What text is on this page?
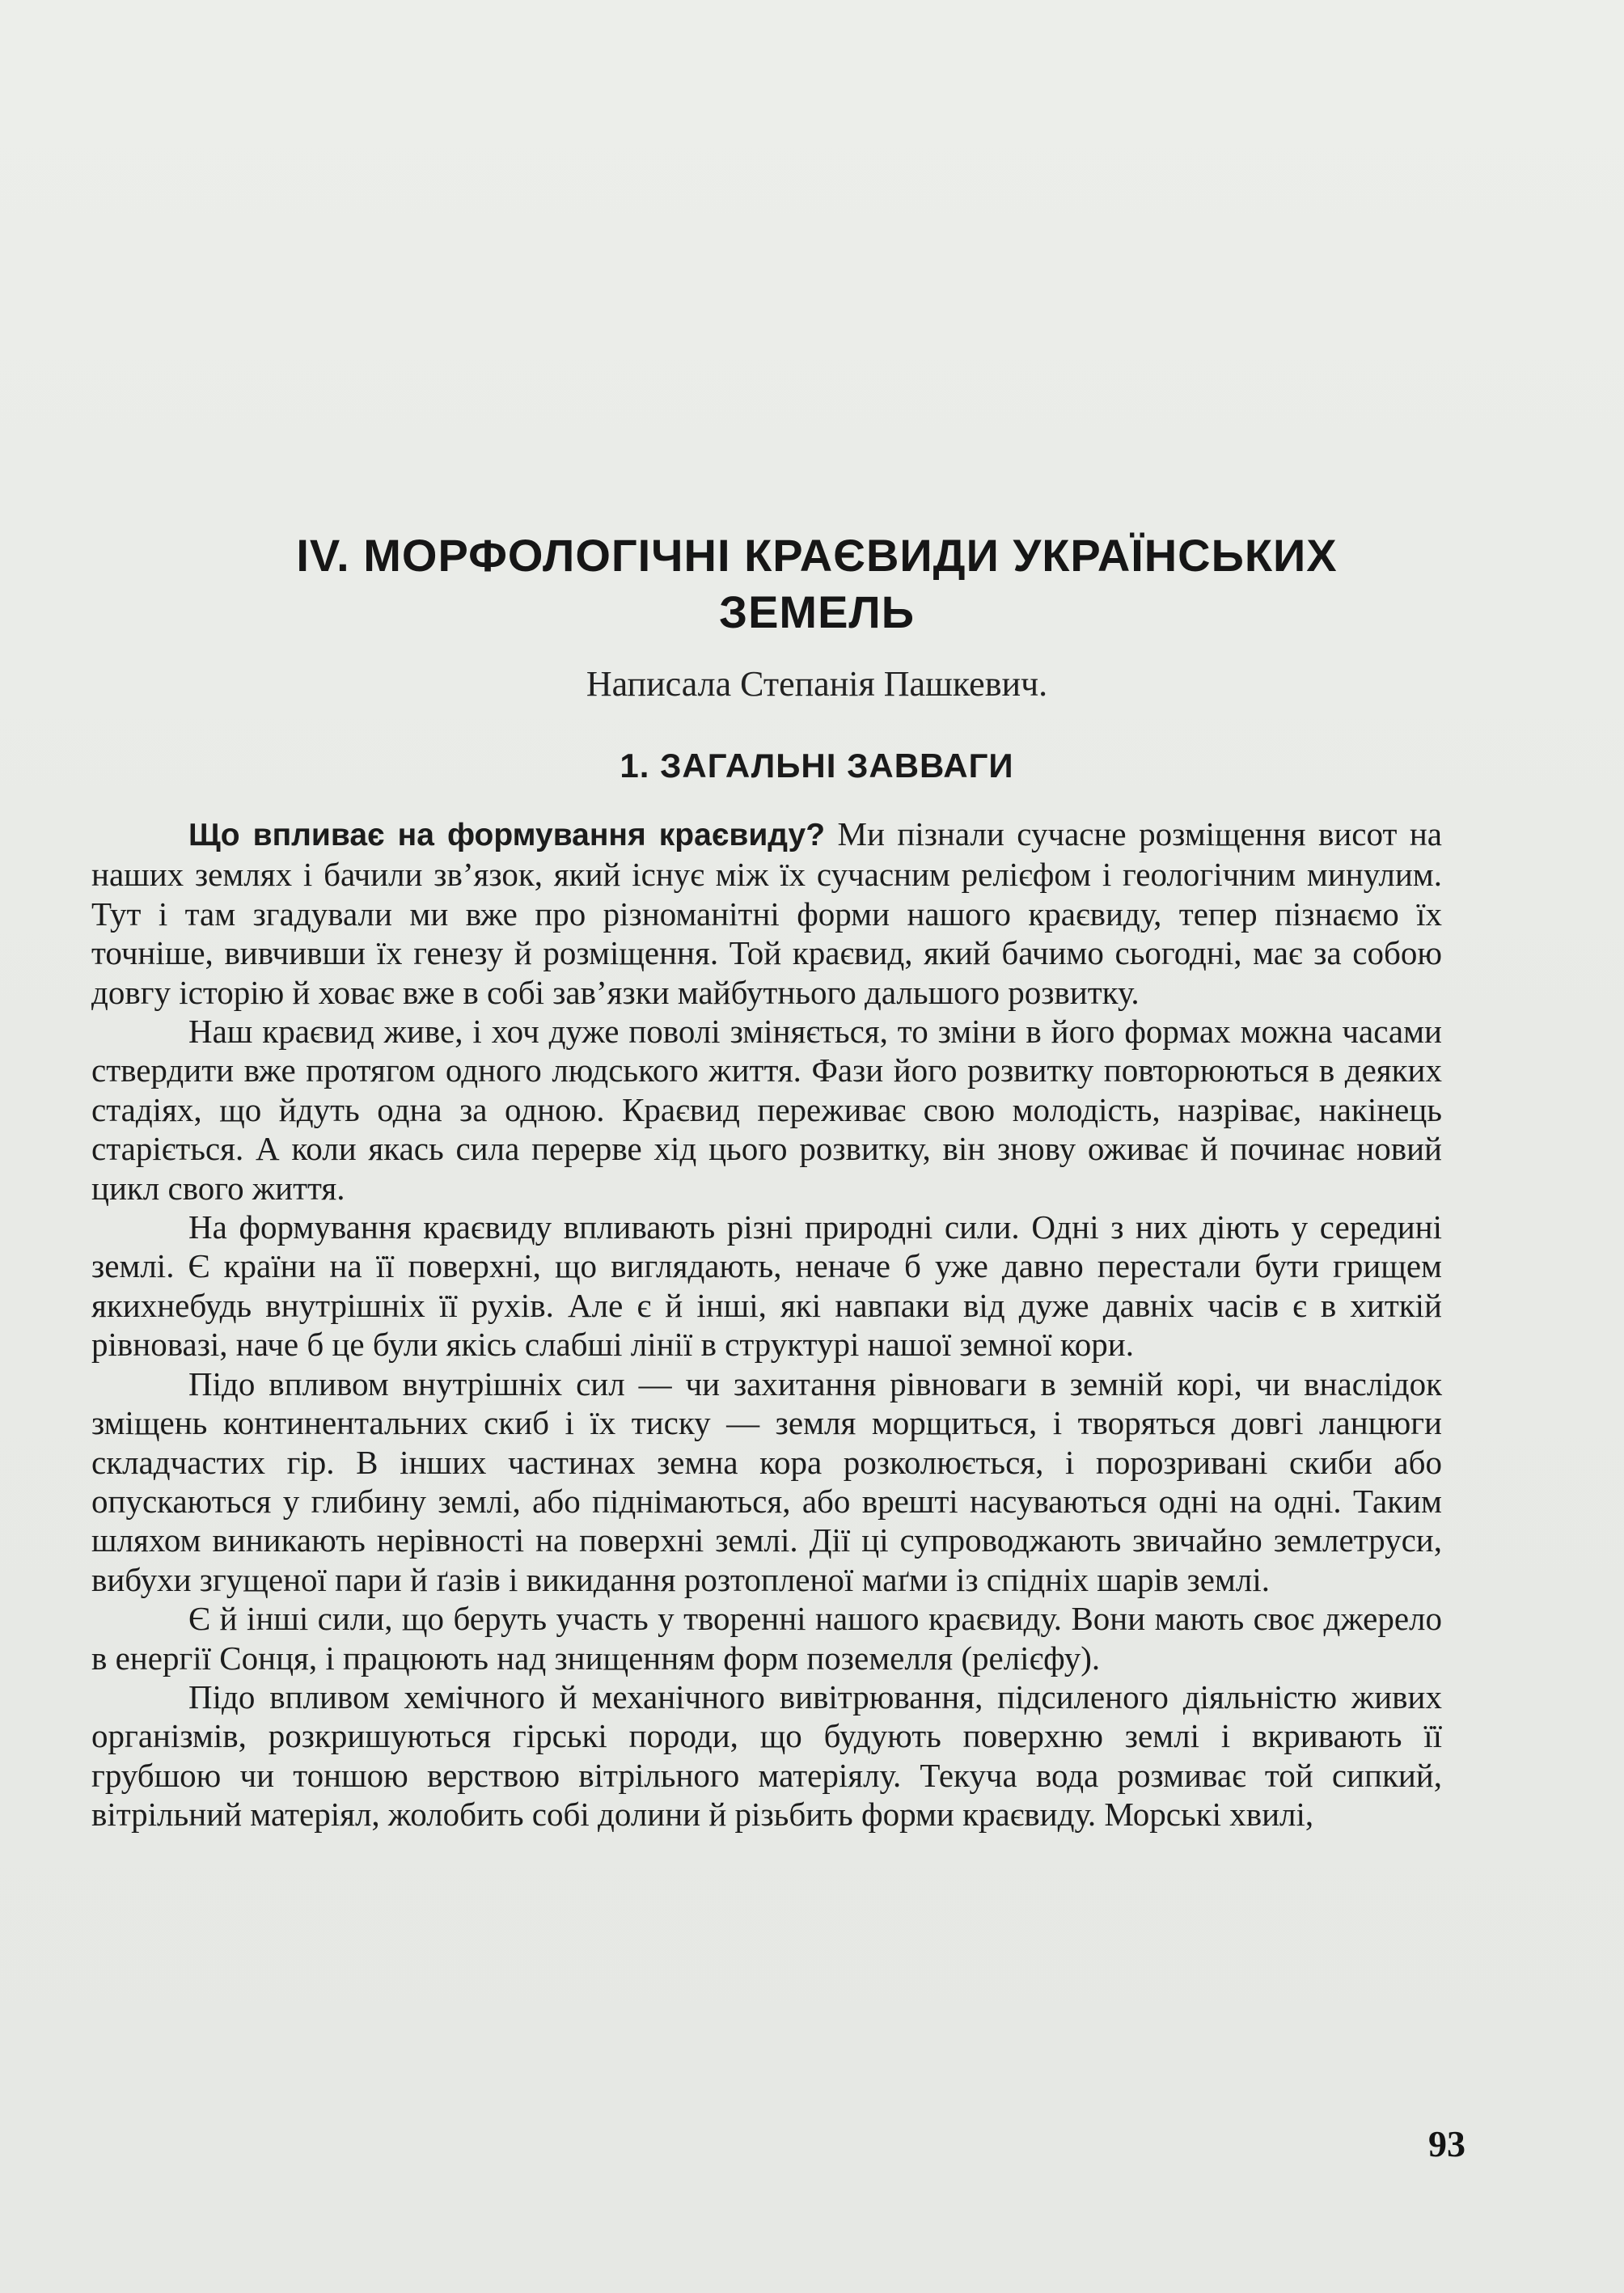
IV. МОРФОЛОГІЧНІ КРАЄВИДИ УКРАЇНСЬКИХ
ЗЕМЕЛЬ
Написала Степанія Пашкевич.
1. ЗАГАЛЬНІ ЗАВВАГИ

Що впливає на формування краєвиду? Ми пізнали сучасне розміщення висот на наших землях і бачили зв’язок, який існує між їх сучасним релієфом і геологічним минулим. Тут і там згадували ми вже про різноманітні форми нашого краєвиду, тепер пізнаємо їх точніше, вивчивши їх генезу й розміщення. Той краєвид, який бачимо сьогодні, має за собою довгу історію й ховає вже в собі зав’язки майбутнього дальшого розвитку.

Наш краєвид живе, і хоч дуже поволі зміняється, то зміни в його формах можна часами ствердити вже протягом одного людського життя. Фази його розвитку повторюються в деяких стадіях, що йдуть одна за одною. Краєвид переживає свою молодість, назріває, накінець старіється. А коли якась сила перерве хід цього розвитку, він знову оживає й починає новий цикл свого життя.

На формування краєвиду впливають різні природні сили. Одні з них діють у середині землі. Є країни на її поверхні, що виглядають, неначе б уже давно перестали бути грищем якихнебудь внутрішніх її рухів. Але є й інші, які навпаки від дуже давніх часів є в хиткій рівновазі, наче б це були якісь слабші лінії в структурі нашої земної кори.

Підо впливом внутрішніх сил — чи захитання рівноваги в земній корі, чи внаслідок зміщень континентальних скиб і їх тиску — земля морщиться, і творяться довгі ланцюги складчастих гір. В інших частинах земна кора розколюється, і порозривані скиби або опускаються у глибину землі, або піднімаються, або врешті насуваються одні на одні. Таким шляхом виникають нерівності на поверхні землі. Дії ці супроводжають звичайно землетруси, вибухи згущеної пари й ґазів і викидання розтопленої маґми із спідніх шарів землі.

Є й інші сили, що беруть участь у творенні нашого краєвиду. Вони мають своє джерело в енергії Сонця, і працюють над знищенням форм поземелля (релієфу).

Підо впливом хемічного й механічного вивітрювання, підсиленого діяльністю живих організмів, розкришуються гірські породи, що будують поверхню землі і вкривають її грубшою чи тоншою верствою вітрільного матеріялу. Текуча вода розмиває той сипкий, вітрільний матеріял, жолобить собі долини й різьбить форми краєвиду. Морські хвилі,

93
